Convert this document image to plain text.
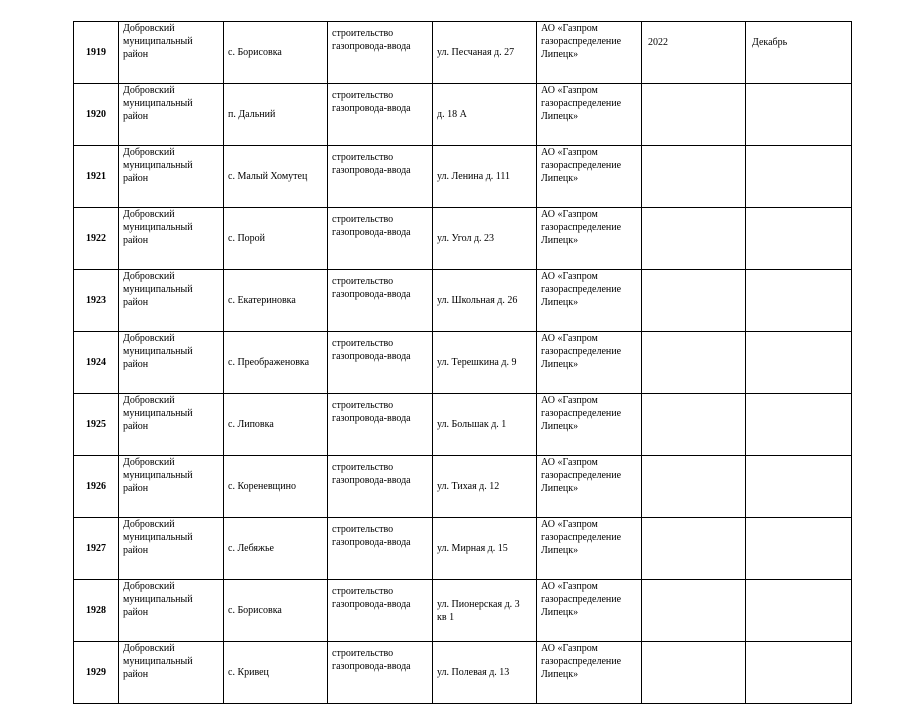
1919	Добровский
муниципальный
район	с. Борисовка	строительство
газопровода-ввода	ул. Песчаная д. 27	АО «Газпром
газораспределение
Липецк»	2022	Декабрь
1920	Добровский
муниципальный
район	п. Дальний	строительство
газопровода-ввода	д. 18 А	АО «Газпром
газораспределение
Липецк»		
1921	Добровский
муниципальный
район	с. Малый Хомутец	строительство
газопровода-ввода	ул. Ленина д. 111	АО «Газпром
газораспределение
Липецк»		
1922	Добровский
муниципальный
район	с. Порой	строительство
газопровода-ввода	ул. Угол д. 23	АО «Газпром
газораспределение
Липецк»		
1923	Добровский
муниципальный
район	с. Екатериновка	строительство
газопровода-ввода	ул. Школьная д. 26	АО «Газпром
газораспределение
Липецк»		
1924	Добровский
муниципальный
район	с. Преображеновка	строительство
газопровода-ввода	ул. Терешкина д. 9	АО «Газпром
газораспределение
Липецк»		
1925	Добровский
муниципальный
район	с. Липовка	строительство
газопровода-ввода	ул. Большак д. 1	АО «Газпром
газораспределение
Липецк»		
1926	Добровский
муниципальный
район	с. Кореневщино	строительство
газопровода-ввода	ул. Тихая д. 12	АО «Газпром
газораспределение
Липецк»		
1927	Добровский
муниципальный
район	с. Лебяжье	строительство
газопровода-ввода	ул. Мирная д. 15	АО «Газпром
газораспределение
Липецк»		
1928	Добровский
муниципальный
район	с. Борисовка	строительство
газопровода-ввода	ул. Пионерская д. 3
кв 1	АО «Газпром
газораспределение
Липецк»		
1929	Добровский
муниципальный
район	с. Кривец	строительство
газопровода-ввода	ул. Полевая д. 13	АО «Газпром
газораспределение
Липецк»		
